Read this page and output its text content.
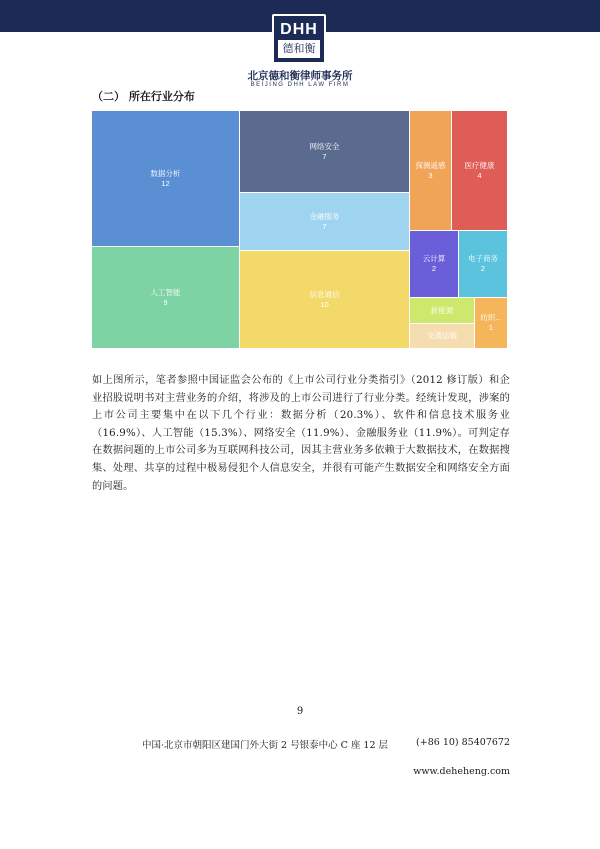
DHH
德和衡
北京德和衡律师事务所
BEIJING DHH LAW FIRM
（二） 所在行业分布
数据分析
12
人工智能
9
网络安全
7
金融服务
7
信息通信
10
探测遥感
3
医疗健康
4
云计算
2
电子商务
2
新能源
交通运输
纺织...
1
如上图所示，笔者参照中国证监会公布的《上市公司行业分类指引》（2012 修订版）和企业招股说明书对主营业务的介绍，将涉及的上市公司进行了行业分类。经统计发现，涉案的上市公司主要集中在以下几个行业：数据分析（20.3%）、软件和信息技术服务业（16.9%）、人工智能（15.3%）、网络安全（11.9%）、金融服务业（11.9%）。可判定存在数据问题的上市公司多为互联网科技公司，因其主营业务多依赖于大数据技术，在数据搜集、处理、共享的过程中极易侵犯个人信息安全，并很有可能产生数据安全和网络安全方面的问题。
9
中国·北京市朝阳区建国门外大街 2 号银泰中心 C 座 12 层	(+86 10) 85407672
www.deheheng.com
